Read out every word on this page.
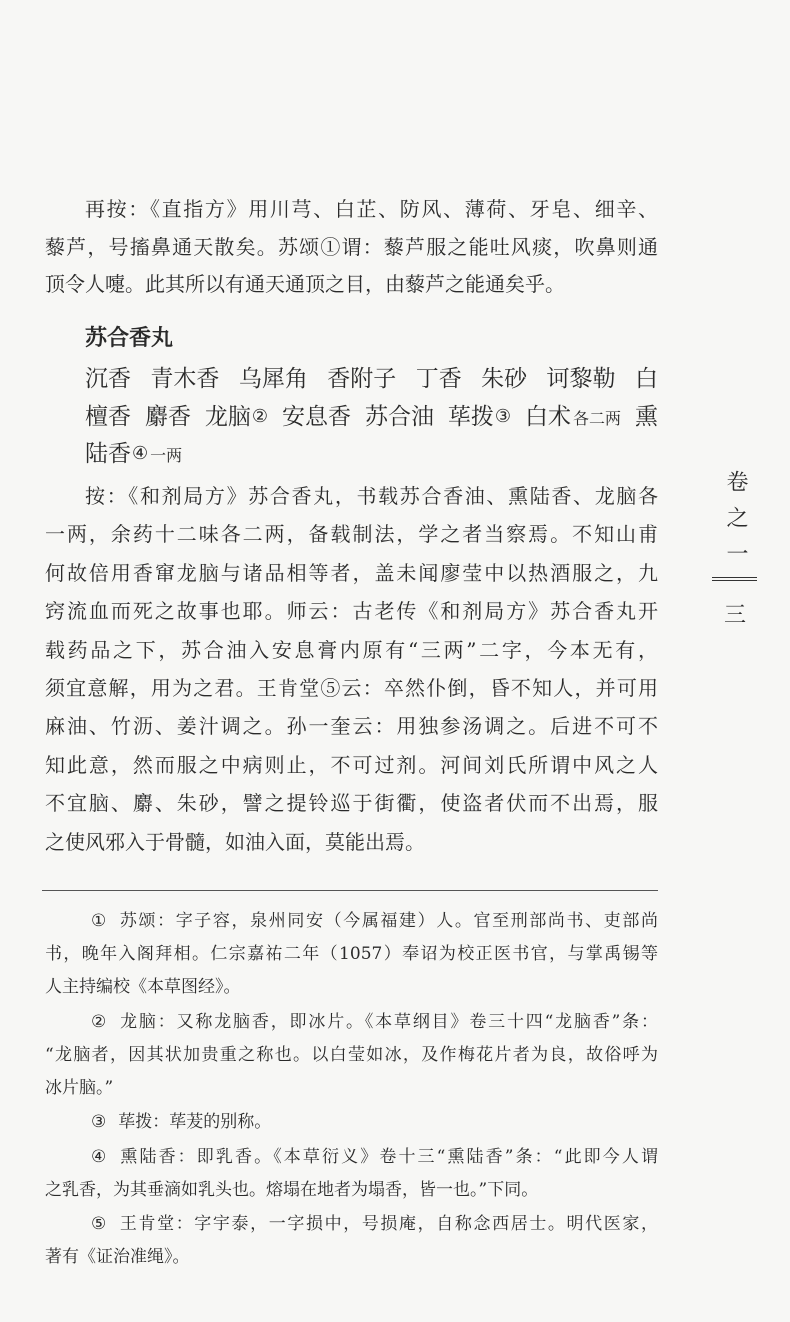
卷之一
三
再按：《直指方》用川芎、白芷、防风、薄荷、牙皂、细辛、
藜芦，号搐鼻通天散矣。苏颂①谓：藜芦服之能吐风痰，吹鼻则通
顶令人嚏。此其所以有通天通顶之目，由藜芦之能通矣乎。
苏合香丸
沉香 青木香 乌犀角 香附子 丁香 朱砂 诃黎勒 白
檀香 麝香 龙脑② 安息香 苏合油 荜拨③ 白术 各二两 熏
陆香④ 一两
按：《和剂局方》苏合香丸，书载苏合香油、熏陆香、龙脑各
一两，余药十二味各二两，备载制法，学之者当察焉。不知山甫
何故倍用香窜龙脑与诸品相等者，盖未闻廖莹中以热酒服之，九
窍流血而死之故事也耶。师云：古老传《和剂局方》苏合香丸开
载药品之下，苏合油入安息膏内原有“三两”二字，今本无有，
须宜意解，用为之君。王肯堂⑤云：卒然仆倒，昏不知人，并可用
麻油、竹沥、姜汁调之。孙一奎云：用独参汤调之。后进不可不
知此意，然而服之中病则止，不可过剂。河间刘氏所谓中风之人
不宜脑、麝、朱砂，譬之提铃巡于街衢，使盗者伏而不出焉，服
之使风邪入于骨髓，如油入面，莫能出焉。
① 苏颂：字子容，泉州同安（今属福建）人。官至刑部尚书、吏部尚
书，晚年入阁拜相。仁宗嘉祐二年（1057）奉诏为校正医书官，与掌禹锡等
人主持编校《本草图经》。
② 龙脑：又称龙脑香，即冰片。《本草纲目》卷三十四“龙脑香”条：
“龙脑者，因其状加贵重之称也。以白莹如冰，及作梅花片者为良，故俗呼为
冰片脑。”
③ 荜拨：荜茇的别称。
④ 熏陆香：即乳香。《本草衍义》卷十三“熏陆香”条：“此即今人谓
之乳香，为其垂滴如乳头也。熔塌在地者为塌香，皆一也。”下同。
⑤ 王肯堂：字宇泰，一字损中，号损庵，自称念西居士。明代医家，
著有《证治准绳》。
